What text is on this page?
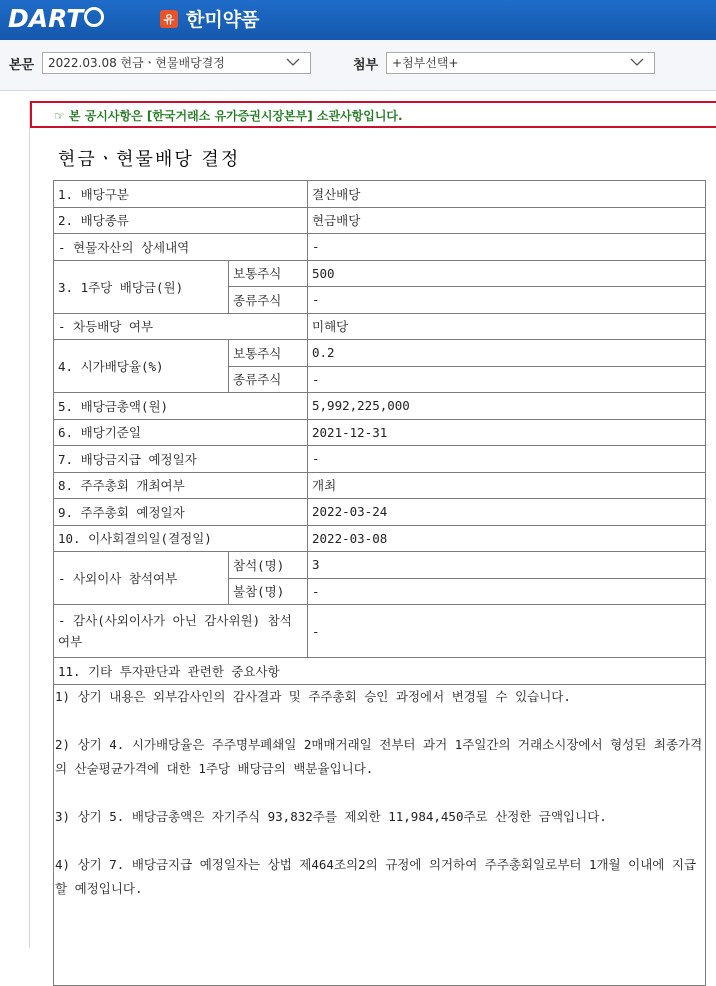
DART	유 한미약품
본문	2022.03.08 현금ㆍ현물배당결정	첨부	+첨부선택+
☞ 본 공시사항은 [한국거래소 유가증권시장본부] 소관사항입니다.
현금ㆍ현물배당 결정
1. 배당구분		결산배당
2. 배당종류		현금배당
- 현물자산의 상세내역		-
3. 1주당 배당금(원)	보통주식	500
	종류주식	-
- 차등배당 여부		미해당
4. 시가배당율(%)	보통주식	0.2
	종류주식	-
5. 배당금총액(원)		5,992,225,000
6. 배당기준일		2021-12-31
7. 배당금지급 예정일자		-
8. 주주총회 개최여부		개최
9. 주주총회 예정일자		2022-03-24
10. 이사회결의일(결정일)		2022-03-08
- 사외이사 참석여부	참석(명)	3
	불참(명)	-
- 감사(사외이사가 아닌 감사위원) 참석여부		-
11. 기타 투자판단과 관련한 중요사항		

1) 상기 내용은 외부감사인의 감사결과 및 주주총회 승인 과정에서 변경될 수 있습니다.

2) 상기 4. 시가배당율은 주주명부폐쇄일 2매매거래일 전부터 과거 1주일간의 거래소시장에서 형성된 최종가격의 산술평균가격에 대한 1주당 배당금의 백분율입니다.

3) 상기 5. 배당금총액은 자기주식 93,832주를 제외한 11,984,450주로 산정한 금액입니다.

4) 상기 7. 배당금지급 예정일자는 상법 제464조의2의 규정에 의거하여 주주총회일로부터 1개월 이내에 지급할 예정입니다.		
